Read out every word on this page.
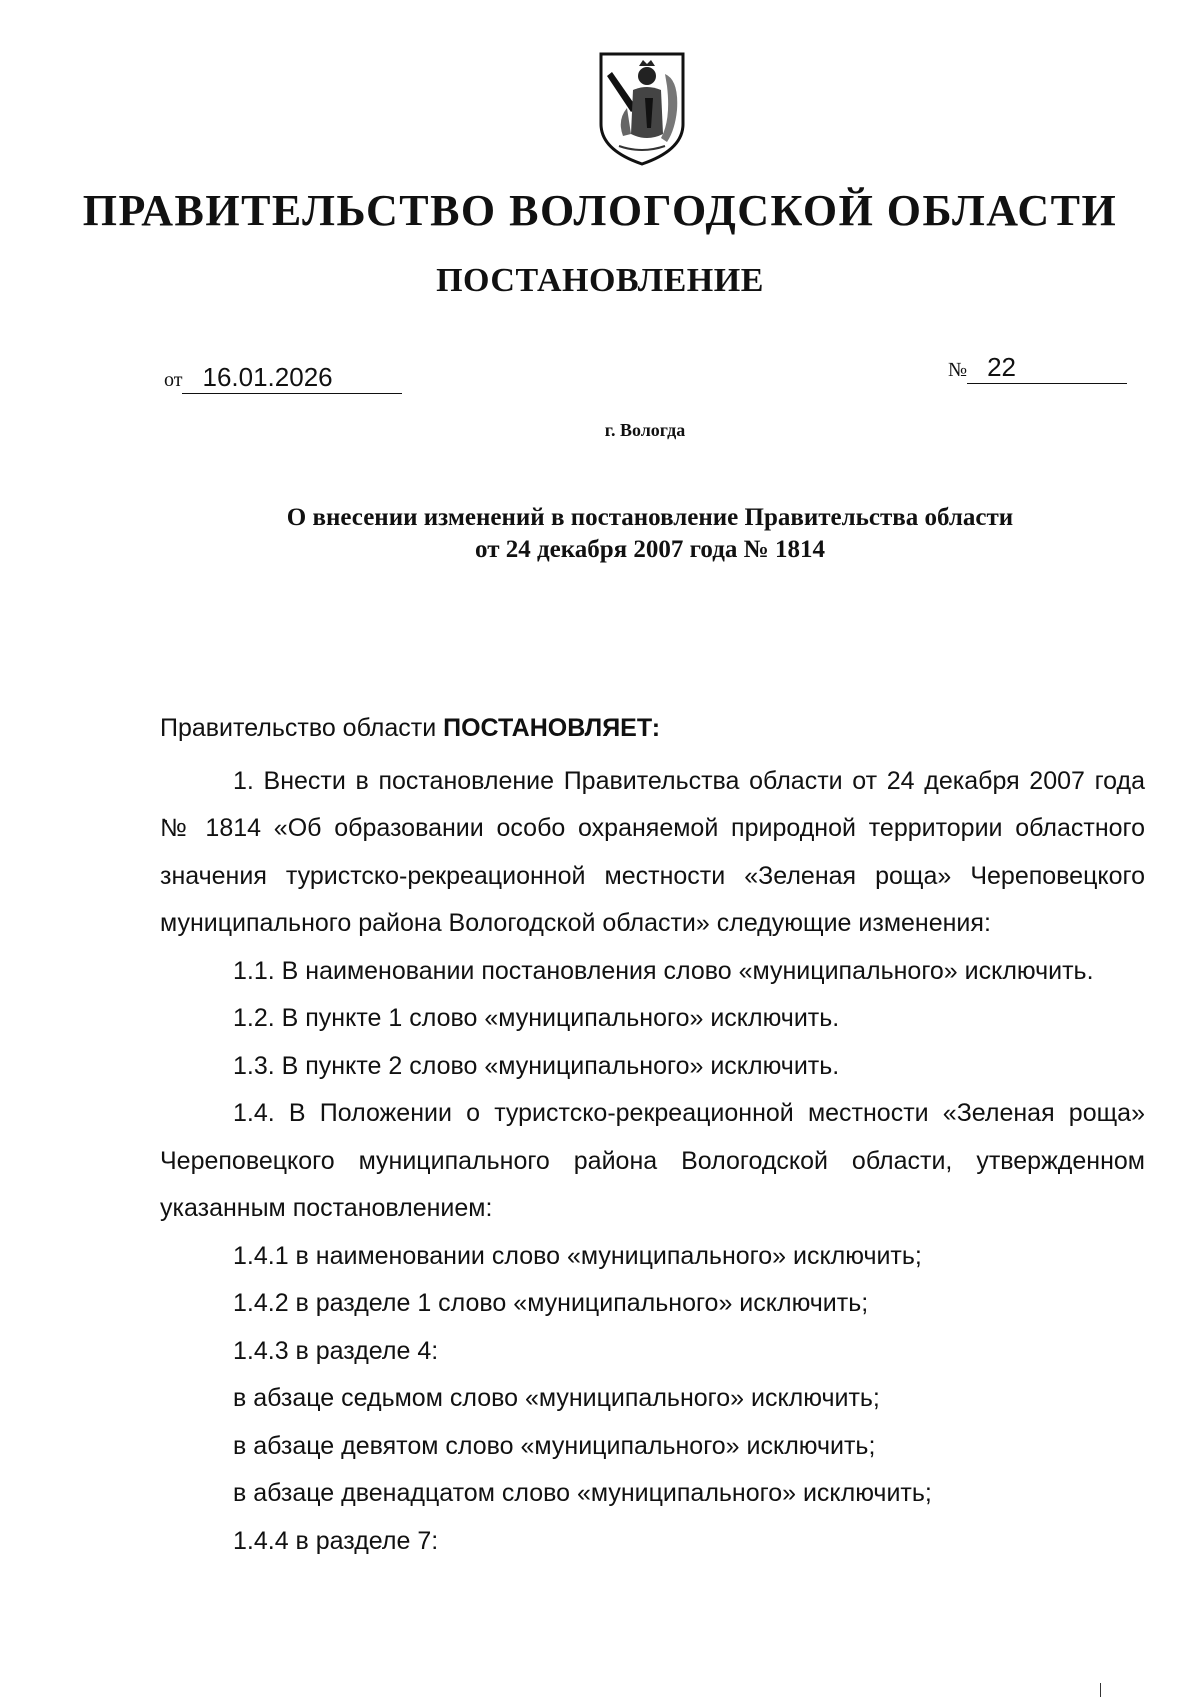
ПРАВИТЕЛЬСТВО ВОЛОГОДСКОЙ ОБЛАСТИ
ПОСТАНОВЛЕНИЕ
от 16.01.2026	№ 22
г. Вологда
О внесении изменений в постановление Правительства области
от 24 декабря 2007 года № 1814

Правительство области ПОСТАНОВЛЯЕТ:

1. Внести в постановление Правительства области от 24 декабря 2007 года № 1814 «Об образовании особо охраняемой природной территории областного значения туристско-рекреационной местности «Зеленая роща» Череповецкого муниципального района Вологодской области» следующие изменения:

1.1. В наименовании постановления слово «муниципального» исключить.

1.2. В пункте 1 слово «муниципального» исключить.

1.3. В пункте 2 слово «муниципального» исключить.

1.4. В Положении о туристско-рекреационной местности «Зеленая роща» Череповецкого муниципального района Вологодской области, утвержденном указанным постановлением:

1.4.1 в наименовании слово «муниципального» исключить;

1.4.2 в разделе 1 слово «муниципального» исключить;

1.4.3 в разделе 4:

в абзаце седьмом слово «муниципального» исключить;

в абзаце девятом слово «муниципального» исключить;

в абзаце двенадцатом слово «муниципального» исключить;

1.4.4 в разделе 7:
